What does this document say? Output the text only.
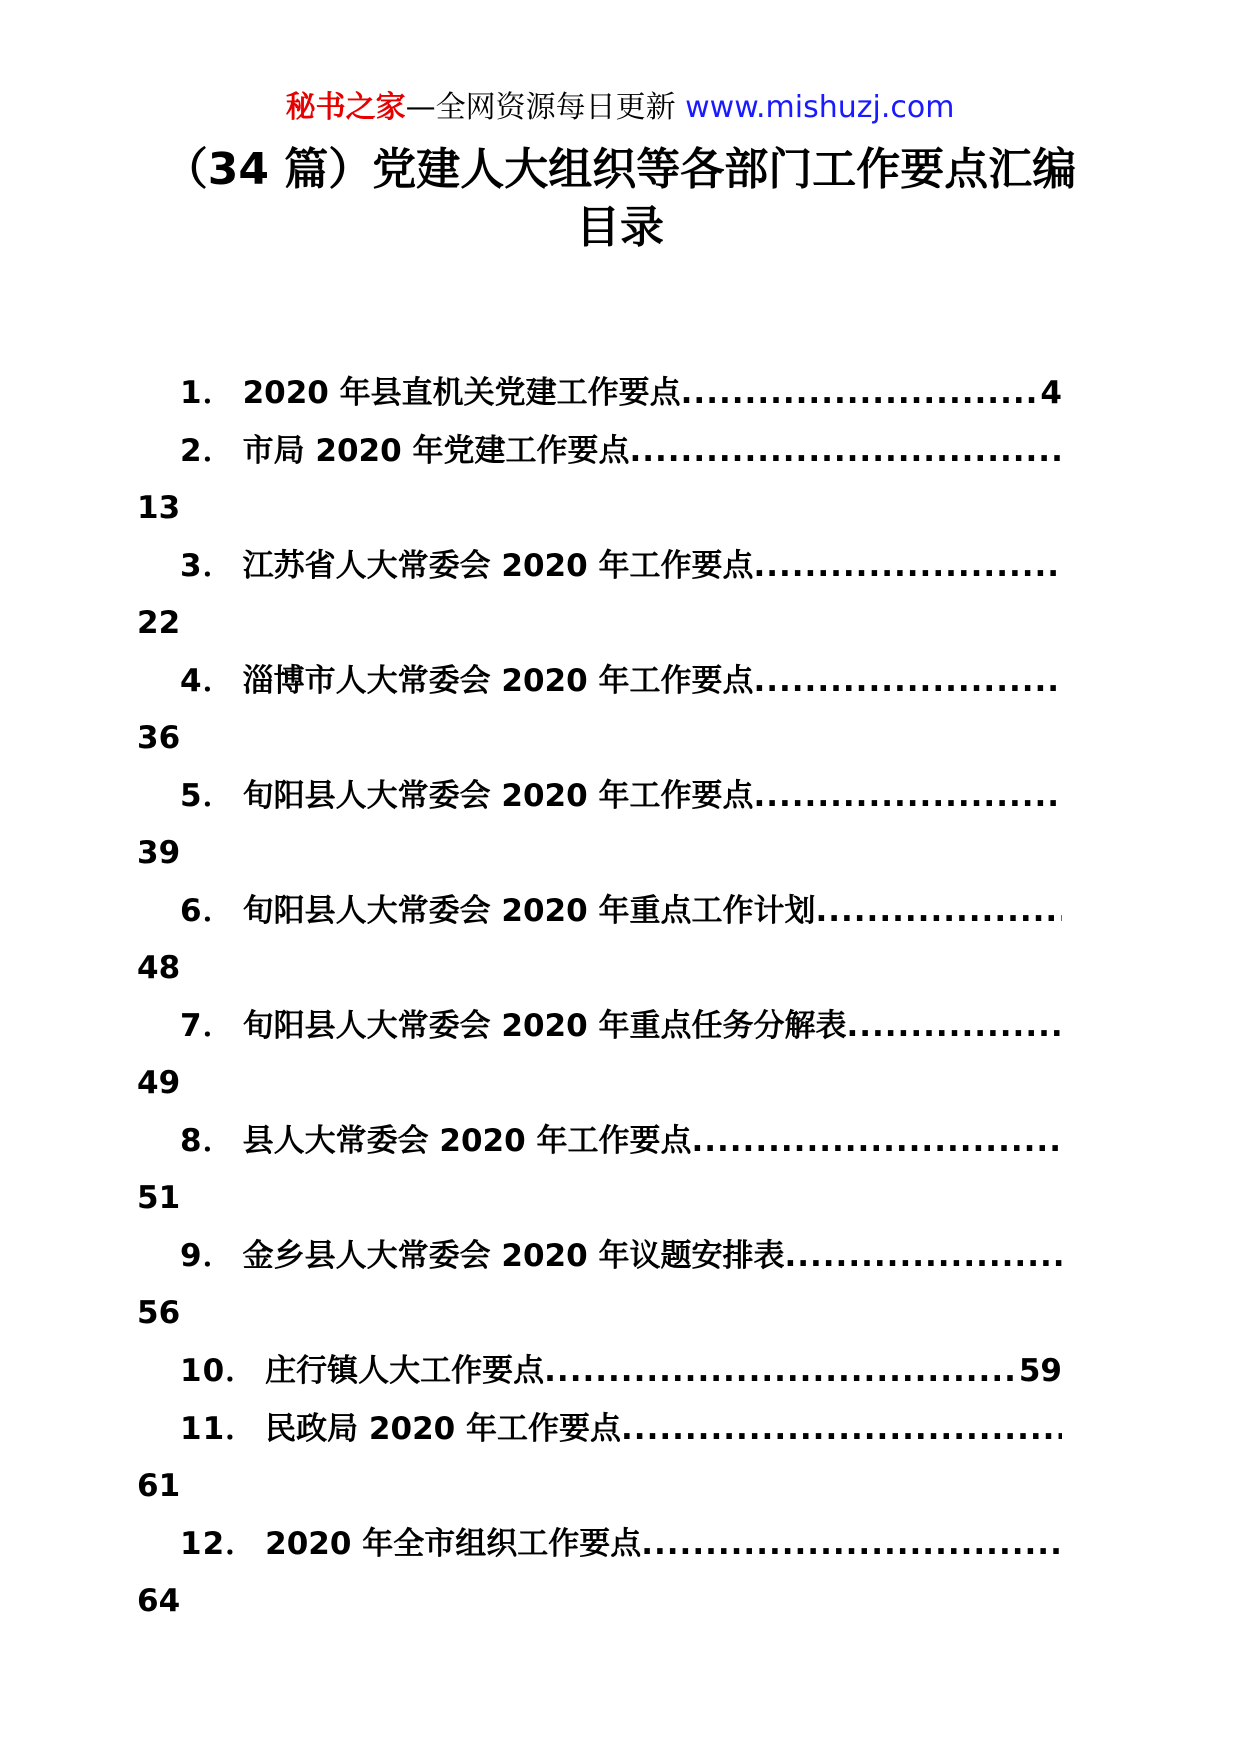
秘书之家—全网资源每日更新 www.mishuzj.com
（34 篇）党建人大组织等各部门工作要点汇编
目录
1． 2020 年县直机关党建工作要点 .....	4
2． 市局 2020 年党建工作要点
.....
13
3． 江苏省人大常委会 2020 年工作要点
.....
22
4． 淄博市人大常委会 2020 年工作要点
.....
36
5． 旬阳县人大常委会 2020 年工作要点
.....
39
6． 旬阳县人大常委会 2020 年重点工作计划
.....
48
7． 旬阳县人大常委会 2020 年重点任务分解表
.....
49
8． 县人大常委会 2020 年工作要点
.....
51
9． 金乡县人大常委会 2020 年议题安排表
.....
56
10． 庄行镇人大工作要点 .....	59
11． 民政局 2020 年工作要点
.....
61
12． 2020 年全市组织工作要点
.....
64
